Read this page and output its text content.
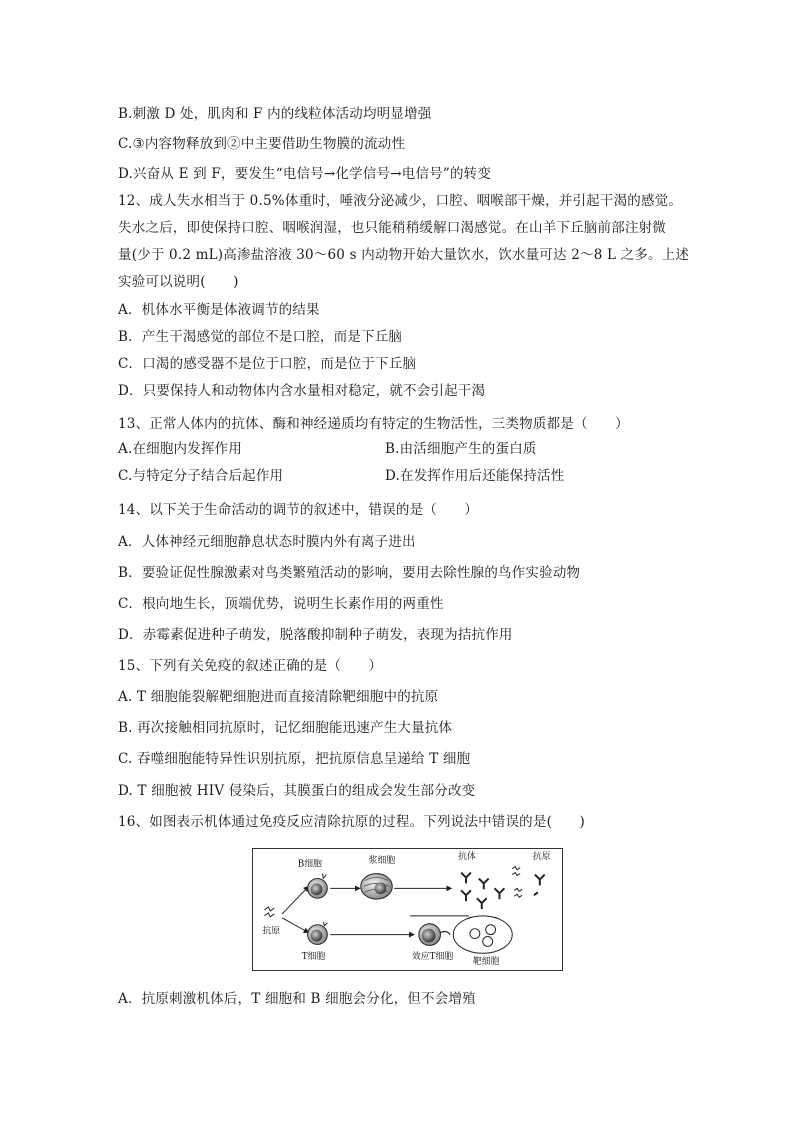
B.刺激 D 处，肌肉和 F 内的线粒体活动均明显增强
C.③内容物释放到②中主要借助生物膜的流动性
D.兴奋从 E 到 F，要发生“电信号→化学信号→电信号”的转变
12、成人失水相当于 0.5%体重时，唾液分泌减少，口腔、咽喉部干燥，并引起干渴的感觉。
失水之后，即使保持口腔、咽喉润湿，也只能稍稍缓解口渴感觉。在山羊下丘脑前部注射微
量(少于 0.2 mL)高渗盐溶液 30～60 s 内动物开始大量饮水，饮水量可达 2～8 L 之多。上述
实验可以说明(　　)
A．机体水平衡是体液调节的结果
B．产生干渴感觉的部位不是口腔，而是下丘脑
C．口渴的感受器不是位于口腔，而是位于下丘脑
D．只要保持人和动物体内含水量相对稳定，就不会引起干渴
13、正常人体内的抗体、酶和神经递质均有特定的生物活性，三类物质都是（　　）
A.在细胞内发挥作用	B.由活细胞产生的蛋白质
C.与特定分子结合后起作用	D.在发挥作用后还能保持活性
14、以下关于生命活动的调节的叙述中，错误的是（　　）
A．人体神经元细胞静息状态时膜内外有离子进出
B．要验证促性腺激素对鸟类繁殖活动的影响，要用去除性腺的鸟作实验动物
C．根向地生长，顶端优势，说明生长素作用的两重性
D．赤霉素促进种子萌发，脱落酸抑制种子萌发，表现为拮抗作用
15、下列有关免疫的叙述正确的是（　　）
A. T 细胞能裂解靶细胞进而直接清除靶细胞中的抗原
B. 再次接触相同抗原时，记忆细胞能迅速产生大量抗体
C. 吞噬细胞能特异性识别抗原，把抗原信息呈递给 T 细胞
D. T 细胞被 HIV 侵染后，其膜蛋白的组成会发生部分改变
16、如图表示机体通过免疫反应清除抗原的过程。下列说法中错误的是(　　)
A．抗原刺激机体后，T 细胞和 B 细胞会分化，但不会增殖
抗原
B细胞	浆细胞	抗体	抗原
T细胞	效应T细胞 靶细胞
